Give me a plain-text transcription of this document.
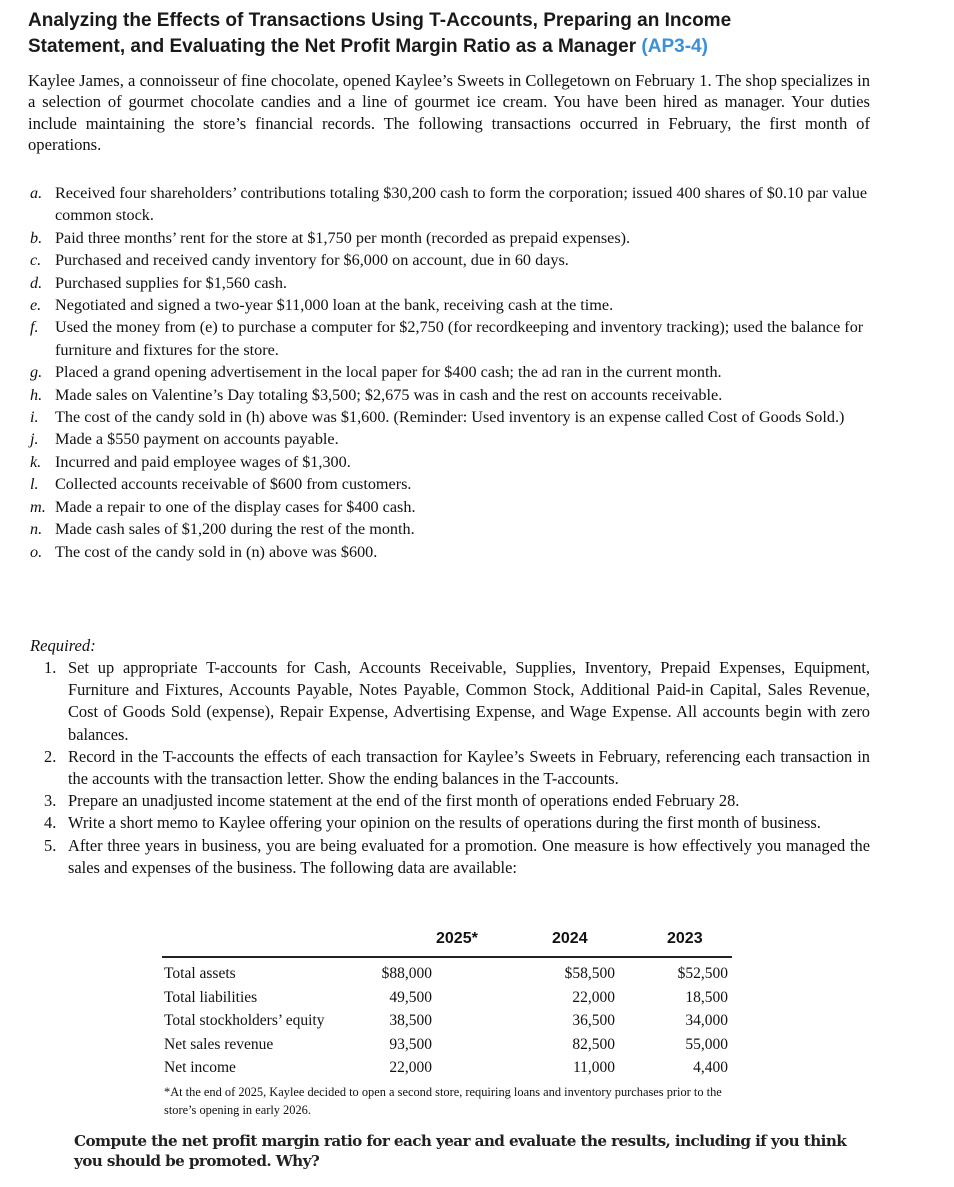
Analyzing the Effects of Transactions Using T-Accounts, Preparing an Income
Statement, and Evaluating the Net Profit Margin Ratio as a Manager (AP3-4)

Kaylee James, a connoisseur of fine chocolate, opened Kaylee’s Sweets in Collegetown on February 1. The shop specializes in a selection of gourmet chocolate candies and a line of gourmet ice cream. You have been hired as manager. Your duties include maintaining the store’s financial records. The following transactions occurred in February, the first month of operations.

a. Received four shareholders’ contributions totaling $30,200 cash to form the corporation; issued 400 shares of $0.10 par value common stock.
b. Paid three months’ rent for the store at $1,750 per month (recorded as prepaid expenses).
c. Purchased and received candy inventory for $6,000 on account, due in 60 days.
d. Purchased supplies for $1,560 cash.
e. Negotiated and signed a two-year $11,000 loan at the bank, receiving cash at the time.
f. Used the money from (e) to purchase a computer for $2,750 (for recordkeeping and inventory tracking); used the balance for furniture and fixtures for the store.
g. Placed a grand opening advertisement in the local paper for $400 cash; the ad ran in the current month.
h. Made sales on Valentine’s Day totaling $3,500; $2,675 was in cash and the rest on accounts receivable.
i. The cost of the candy sold in (h) above was $1,600. (Reminder: Used inventory is an expense called Cost of Goods Sold.)
j. Made a $550 payment on accounts payable.
k. Incurred and paid employee wages of $1,300.
l. Collected accounts receivable of $600 from customers.
m. Made a repair to one of the display cases for $400 cash.
n. Made cash sales of $1,200 during the rest of the month.
o. The cost of the candy sold in (n) above was $600.
Required:
1. Set up appropriate T-accounts for Cash, Accounts Receivable, Supplies, Inventory, Prepaid Expenses, Equipment, Furniture and Fixtures, Accounts Payable, Notes Payable, Common Stock, Additional Paid-in Capital, Sales Revenue, Cost of Goods Sold (expense), Repair Expense, Advertising Expense, and Wage Expense. All accounts begin with zero balances.
2. Record in the T-accounts the effects of each transaction for Kaylee’s Sweets in February, referencing each transaction in the accounts with the transaction letter. Show the ending balances in the T-accounts.
3. Prepare an unadjusted income statement at the end of the first month of operations ended February 28.
4. Write a short memo to Kaylee offering your opinion on the results of operations during the first month of business.
5. After three years in business, you are being evaluated for a promotion. One measure is how effectively you managed the sales and expenses of the business. The following data are available:
2025*	2024	2023
Total assets	$88,000	$58,500	$52,500
Total liabilities	49,500	22,000	18,500
Total stockholders’ equity	38,500	36,500	34,000
Net sales revenue	93,500	82,500	55,000
Net income	22,000	11,000	4,400

*At the end of 2025, Kaylee decided to open a second store, requiring loans and inventory purchases prior to the store’s opening in early 2026.

Compute the net profit margin ratio for each year and evaluate the results, including if you think you should be promoted. Why?
